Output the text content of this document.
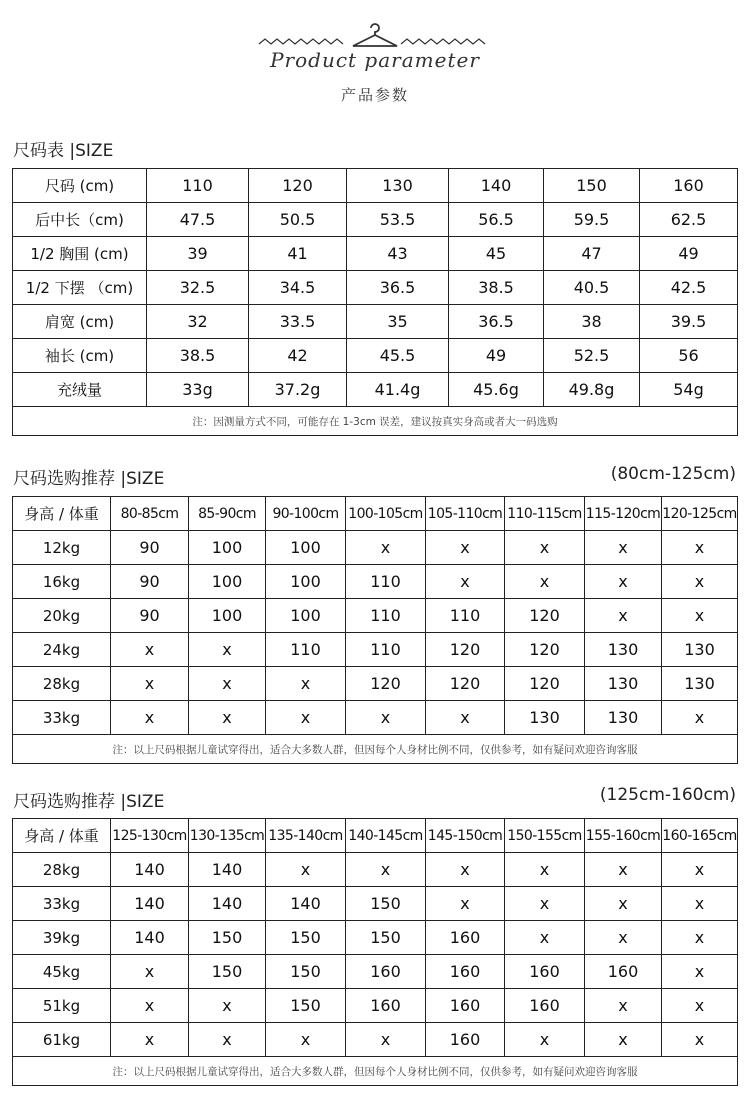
Product parameter
产品参数
尺码表 |SIZE
尺码 (cm)	110	120	130	140	150	160
后中长（cm)	47.5	50.5	53.5	56.5	59.5	62.5
1/2 胸围 (cm)	39	41	43	45	47	49
1/2 下摆 （cm)	32.5	34.5	36.5	38.5	40.5	42.5
肩宽 (cm)	32	33.5	35	36.5	38	39.5
袖长 (cm)	38.5	42	45.5	49	52.5	56
充绒量	33g	37.2g	41.4g	45.6g	49.8g	54g
注：因测量方式不同，可能存在 1-3cm 误差，建议按真实身高或者大一码选购						
尺码选购推荐 |SIZE	(80cm-125cm)
身高 / 体重	80-85cm	85-90cm	90-100cm	100-105cm	105-110cm	110-115cm	115-120cm	120-125cm
12kg	90	100	100	x	x	x	x	x
16kg	90	100	100	110	x	x	x	x
20kg	90	100	100	110	110	120	x	x
24kg	x	x	110	110	120	120	130	130
28kg	x	x	x	120	120	120	130	130
33kg	x	x	x	x	x	130	130	x
注：以上尺码根据儿童试穿得出，适合大多数人群，但因每个人身材比例不同，仅供参考，如有疑问欢迎咨询客服								
尺码选购推荐 |SIZE	(125cm-160cm)
身高 / 体重	125-130cm	130-135cm	135-140cm	140-145cm	145-150cm	150-155cm	155-160cm	160-165cm
28kg	140	140	x	x	x	x	x	x
33kg	140	140	140	150	x	x	x	x
39kg	140	150	150	150	160	x	x	x
45kg	x	150	150	160	160	160	160	x
51kg	x	x	150	160	160	160	x	x
61kg	x	x	x	x	160	x	x	x
注：以上尺码根据儿童试穿得出，适合大多数人群，但因每个人身材比例不同，仅供参考，如有疑问欢迎咨询客服								
